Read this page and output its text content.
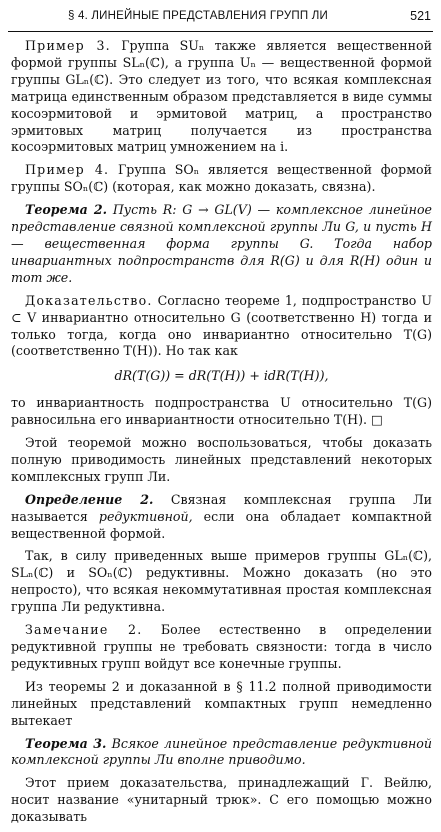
§ 4. ЛИНЕЙНЫЕ ПРЕДСТАВЛЕНИЯ ГРУПП ЛИ	521

Пример 3. Группа SUₙ также является вещественной формой группы SLₙ(ℂ), а группа Uₙ — вещественной формой группы GLₙ(ℂ). Это следует из того, что всякая комплексная матрица единственным образом представляется в виде суммы косоэрмитовой и эрмитовой матриц, а пространство эрмитовых матриц получается из пространства косоэрмитовых матриц умножением на i.

Пример 4. Группа SOₙ является вещественной формой группы SOₙ(ℂ) (которая, как можно доказать, связна).

Теорема 2. Пусть R: G → GL(V) — комплексное линейное представление связной комплексной группы Ли G, и пусть H — вещественная форма группы G. Тогда набор инвариантных подпространств для R(G) и для R(H) один и тот же.

Доказательство. Согласно теореме 1, подпространство U ⊂ V инвариантно относительно G (соответственно H) тогда и только тогда, когда оно инвариантно относительно T(G) (соответственно T(H)). Но так как

dR(T(G)) = dR(T(H)) + idR(T(H)),

то инвариантность подпространства U относительно T(G) равносильна его инвариантности относительно T(H). □

Этой теоремой можно воспользоваться, чтобы доказать полную приводимость линейных представлений некоторых комплексных групп Ли.

Определение 2. Связная комплексная группа Ли называется редуктивной, если она обладает компактной вещественной формой.

Так, в силу приведенных выше примеров группы GLₙ(ℂ), SLₙ(ℂ) и SOₙ(ℂ) редуктивны. Можно доказать (но это непросто), что всякая некоммутативная простая комплексная группа Ли редуктивна.

Замечание 2. Более естественно в определении редуктивной группы не требовать связности: тогда в число редуктивных групп войдут все конечные группы.

Из теоремы 2 и доказанной в § 11.2 полной приводимости линейных представлений компактных групп немедленно вытекает

Теорема 3. Всякое линейное представление редуктивной комплексной группы Ли вполне приводимо.

Этот прием доказательства, принадлежащий Г. Вейлю, носит название «унитарный трюк». С его помощью можно доказывать
